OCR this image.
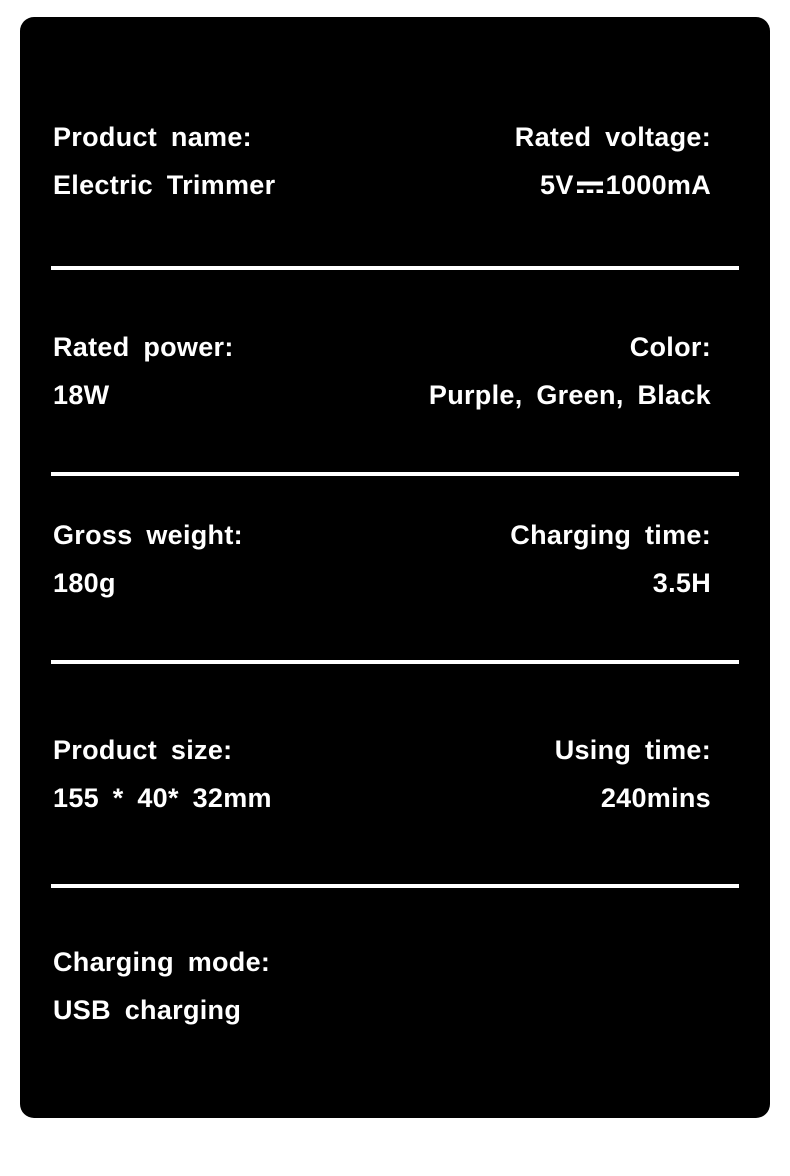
Product name:
Electric Trimmer
Rated voltage:
5V 1000mA
Rated power:
18W
Color:
Purple, Green, Black
Gross weight:
180g
Charging time:
3.5H
Product size:
155 * 40* 32mm
Using time:
240mins
Charging mode:
USB charging
